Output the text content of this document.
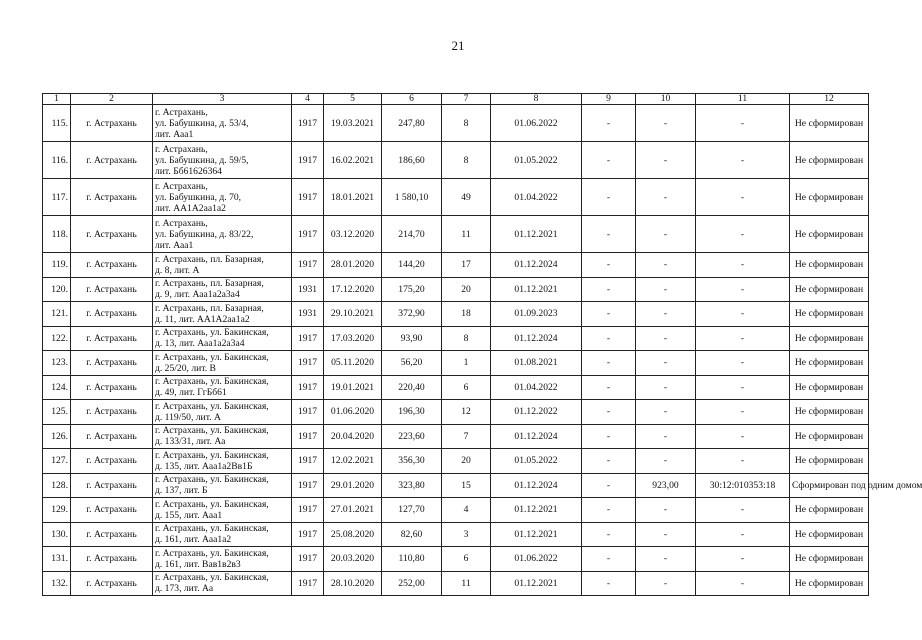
21
1	2	3	4	5	6	7	8	9	10	11	12
115.	г. Астрахань	г. Астрахань,
ул. Бабушкина, д. 53/4,
лит. Ааа1	1917	19.03.2021	247,80	8	01.06.2022	-	-	-	Не сформирован
116.	г. Астрахань	г. Астрахань,
ул. Бабушкина, д. 59/5,
лит. Бб61626364	1917	16.02.2021	186,60	8	01.05.2022	-	-	-	Не сформирован
117.	г. Астрахань	г. Астрахань,
ул. Бабушкина, д. 70,
лит. АА1А2аа1а2	1917	18.01.2021	1 580,10	49	01.04.2022	-	-	-	Не сформирован
118.	г. Астрахань	г. Астрахань,
ул. Бабушкина, д. 83/22,
лит. Ааа1	1917	03.12.2020	214,70	11	01.12.2021	-	-	-	Не сформирован
119.	г. Астрахань	г. Астрахань, пл. Базарная,
д. 8, лит. А	1917	28.01.2020	144,20	17	01.12.2024	-	-	-	Не сформирован
120.	г. Астрахань	г. Астрахань, пл. Базарная,
д. 9, лит. Ааа1а2а3а4	1931	17.12.2020	175,20	20	01.12.2021	-	-	-	Не сформирован
121.	г. Астрахань	г. Астрахань, пл. Базарная,
д. 11, лит. АА1А2аа1а2	1931	29.10.2021	372,90	18	01.09.2023	-	-	-	Не сформирован
122.	г. Астрахань	г. Астрахань, ул. Бакинская,
д. 13, лит. Ааа1а2а3а4	1917	17.03.2020	93,90	8	01.12.2024	-	-	-	Не сформирован
123.	г. Астрахань	г. Астрахань, ул. Бакинская,
д. 25/20, лит. В	1917	05.11.2020	56,20	1	01.08.2021	-	-	-	Не сформирован
124.	г. Астрахань	г. Астрахань, ул. Бакинская,
д. 49, лит. ГгБб61	1917	19.01.2021	220,40	6	01.04.2022	-	-	-	Не сформирован
125.	г. Астрахань	г. Астрахань, ул. Бакинская,
д. 119/50, лит. А	1917	01.06.2020	196,30	12	01.12.2022	-	-	-	Не сформирован
126.	г. Астрахань	г. Астрахань, ул. Бакинская,
д. 133/31, лит. Аа	1917	20.04.2020	223,60	7	01.12.2024	-	-	-	Не сформирован
127.	г. Астрахань	г. Астрахань, ул. Бакинская,
д. 135, лит. Ааа1а2Вв1Б	1917	12.02.2021	356,30	20	01.05.2022	-	-	-	Не сформирован
128.	г. Астрахань	г. Астрахань, ул. Бакинская,
д. 137, лит. Б	1917	29.01.2020	323,80	15	01.12.2024	-	923,00	30:12:010353:18	Сформирован под одним домом
129.	г. Астрахань	г. Астрахань, ул. Бакинская,
д. 155, лит. Ааа1	1917	27.01.2021	127,70	4	01.12.2021	-	-	-	Не сформирован
130.	г. Астрахань	г. Астрахань, ул. Бакинская,
д. 161, лит. Ааа1а2	1917	25.08.2020	82,60	3	01.12.2021	-	-	-	Не сформирован
131.	г. Астрахань	г. Астрахань, ул. Бакинская,
д. 161, лит. Вав1в2в3	1917	20.03.2020	110,80	6	01.06.2022	-	-	-	Не сформирован
132.	г. Астрахань	г. Астрахань, ул. Бакинская,
д. 173, лит. Аа	1917	28.10.2020	252,00	11	01.12.2021	-	-	-	Не сформирован
